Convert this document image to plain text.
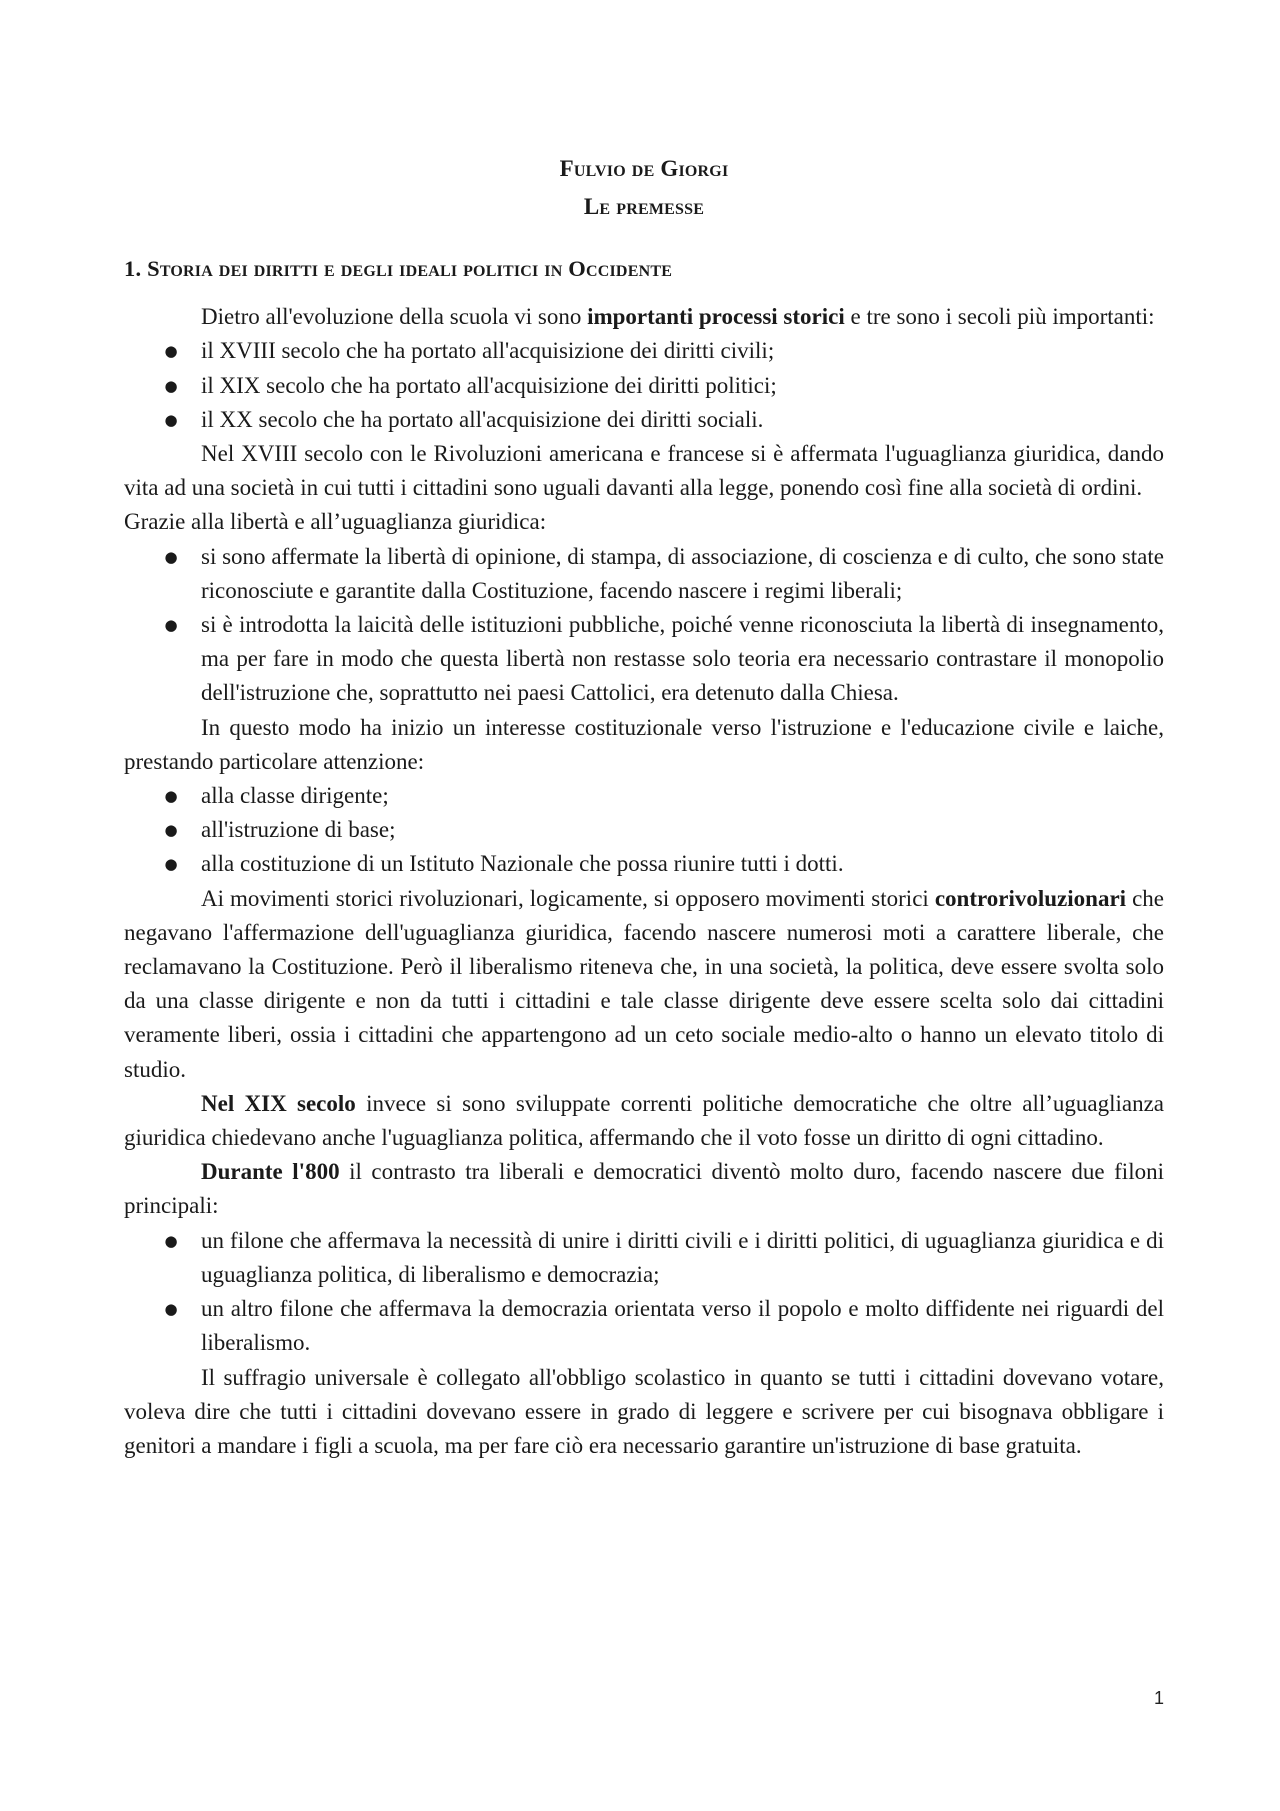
Fulvio de Giorgi
Le premesse
1. Storia dei diritti e degli ideali politici in Occidente

Dietro all'evoluzione della scuola vi sono importanti processi storici e tre sono i secoli più importanti:

● il XVIII secolo che ha portato all'acquisizione dei diritti civili;
● il XIX secolo che ha portato all'acquisizione dei diritti politici;
● il XX secolo che ha portato all'acquisizione dei diritti sociali.

Nel XVIII secolo con le Rivoluzioni americana e francese si è affermata l'uguaglianza giuridica, dando vita ad una società in cui tutti i cittadini sono uguali davanti alla legge, ponendo così fine alla società di ordini.

Grazie alla libertà e all’uguaglianza giuridica:

● si sono affermate la libertà di opinione, di stampa, di associazione, di coscienza e di culto, che sono state riconosciute e garantite dalla Costituzione, facendo nascere i regimi liberali;
● si è introdotta la laicità delle istituzioni pubbliche, poiché venne riconosciuta la libertà di insegnamento, ma per fare in modo che questa libertà non restasse solo teoria era necessario contrastare il monopolio dell'istruzione che, soprattutto nei paesi Cattolici, era detenuto dalla Chiesa.

In questo modo ha inizio un interesse costituzionale verso l'istruzione e l'educazione civile e laiche, prestando particolare attenzione:

● alla classe dirigente;
● all'istruzione di base;
● alla costituzione di un Istituto Nazionale che possa riunire tutti i dotti.

Ai movimenti storici rivoluzionari, logicamente, si opposero movimenti storici controrivoluzionari che negavano l'affermazione dell'uguaglianza giuridica, facendo nascere numerosi moti a carattere liberale, che reclamavano la Costituzione. Però il liberalismo riteneva che, in una società, la politica, deve essere svolta solo da una classe dirigente e non da tutti i cittadini e tale classe dirigente deve essere scelta solo dai cittadini veramente liberi, ossia i cittadini che appartengono ad un ceto sociale medio-alto o hanno un elevato titolo di studio.

Nel XIX secolo invece si sono sviluppate correnti politiche democratiche che oltre all’uguaglianza giuridica chiedevano anche l'uguaglianza politica, affermando che il voto fosse un diritto di ogni cittadino.

Durante l'800 il contrasto tra liberali e democratici diventò molto duro, facendo nascere due filoni principali:

● un filone che affermava la necessità di unire i diritti civili e i diritti politici, di uguaglianza giuridica e di uguaglianza politica, di liberalismo e democrazia;
● un altro filone che affermava la democrazia orientata verso il popolo e molto diffidente nei riguardi del liberalismo.

Il suffragio universale è collegato all'obbligo scolastico in quanto se tutti i cittadini dovevano votare, voleva dire che tutti i cittadini dovevano essere in grado di leggere e scrivere per cui bisognava obbligare i genitori a mandare i figli a scuola, ma per fare ciò era necessario garantire un'istruzione di base gratuita.

1
